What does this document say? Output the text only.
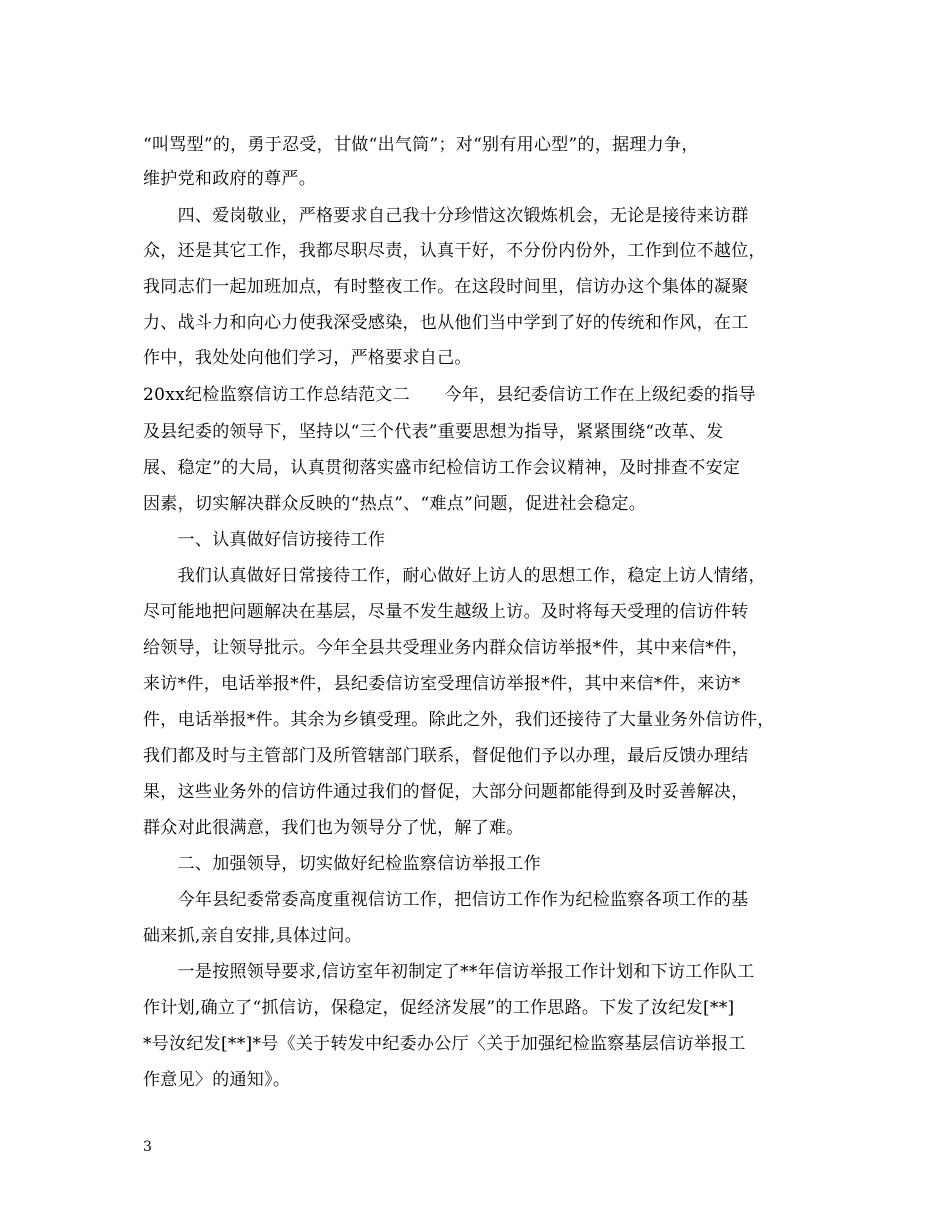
“叫骂型”的，勇于忍受，甘做“出气筒”；对“别有用心型”的，据理力争，
维护党和政府的尊严。
　　四、爱岗敬业，严格要求自己我十分珍惜这次锻炼机会，无论是接待来访群
众，还是其它工作，我都尽职尽责，认真干好，不分份内份外，工作到位不越位，
我同志们一起加班加点，有时整夜工作。在这段时间里，信访办这个集体的凝聚
力、战斗力和向心力使我深受感染，也从他们当中学到了好的传统和作风，在工
作中，我处处向他们学习，严格要求自己。
20xx纪检监察信访工作总结范文二　　今年，县纪委信访工作在上级纪委的指导
及县纪委的领导下，坚持以“三个代表”重要思想为指导，紧紧围绕“改革、发
展、稳定”的大局，认真贯彻落实盛市纪检信访工作会议精神，及时排查不安定
因素，切实解决群众反映的“热点”、“难点”问题，促进社会稳定。
　　一、认真做好信访接待工作
　　我们认真做好日常接待工作，耐心做好上访人的思想工作，稳定上访人情绪，
尽可能地把问题解决在基层，尽量不发生越级上访。及时将每天受理的信访件转
给领导，让领导批示。今年全县共受理业务内群众信访举报*件，其中来信*件，
来访*件，电话举报*件，县纪委信访室受理信访举报*件，其中来信*件，来访*
件，电话举报*件。其余为乡镇受理。除此之外，我们还接待了大量业务外信访件，
我们都及时与主管部门及所管辖部门联系，督促他们予以办理，最后反馈办理结
果，这些业务外的信访件通过我们的督促，大部分问题都能得到及时妥善解决，
群众对此很满意，我们也为领导分了忧，解了难。
　　二、加强领导，切实做好纪检监察信访举报工作
　　今年县纪委常委高度重视信访工作，把信访工作作为纪检监察各项工作的基
础来抓,亲自安排,具体过问。
　　一是按照领导要求,信访室年初制定了**年信访举报工作计划和下访工作队工
作计划,确立了“抓信访，保稳定，促经济发展”的工作思路。下发了汝纪发[**]
*号汝纪发[**]*号《关于转发中纪委办公厅〈关于加强纪检监察基层信访举报工
作意见〉的通知》。
3
